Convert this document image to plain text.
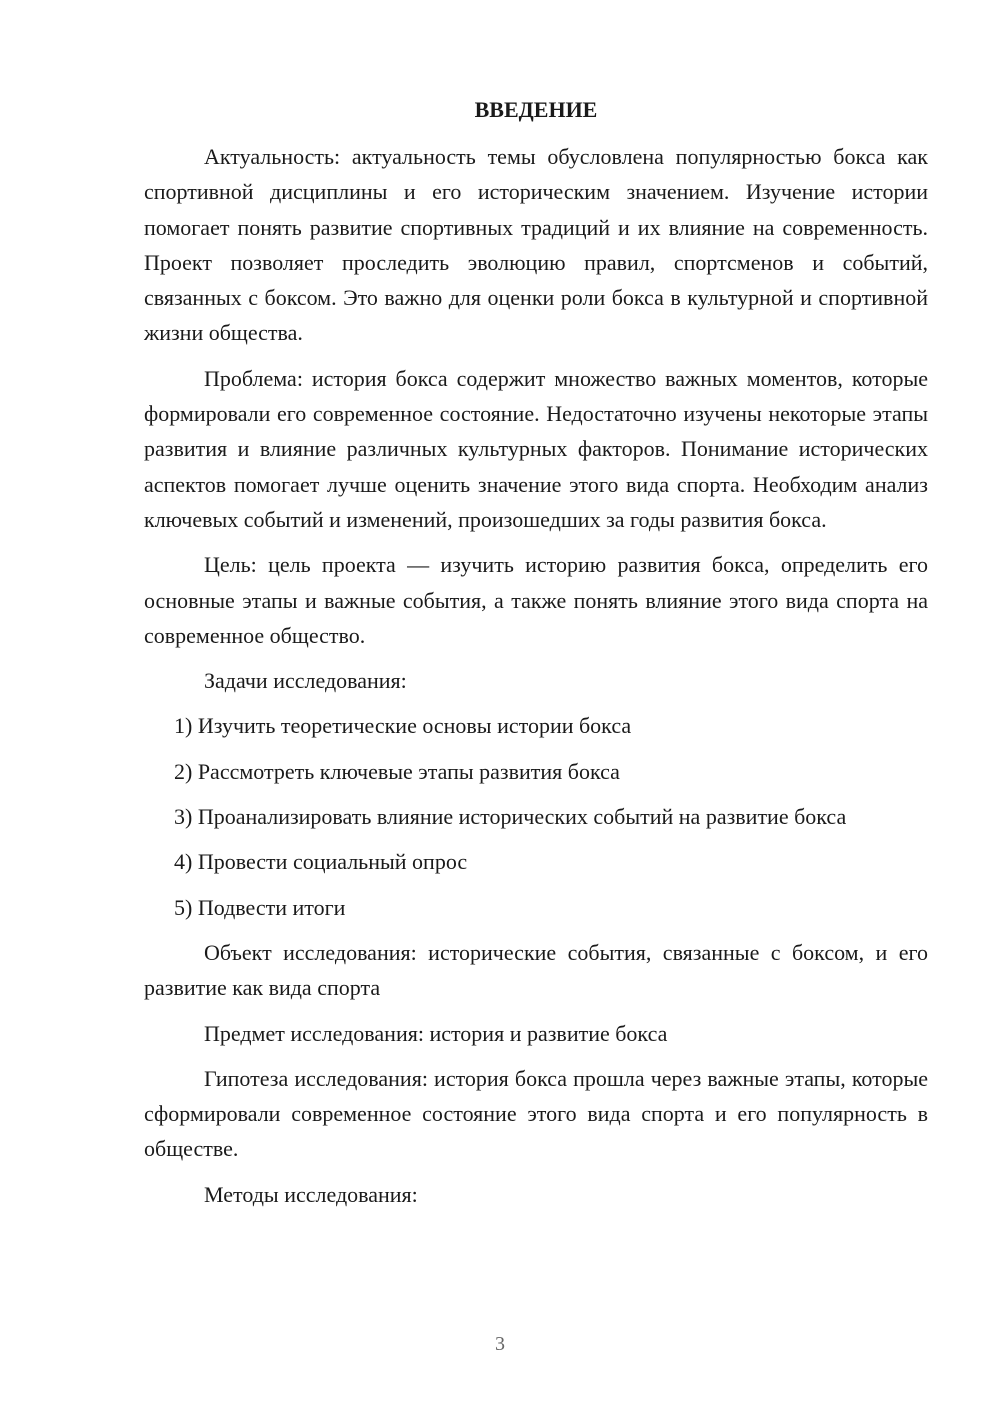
ВВЕДЕНИЕ

Актуальность: актуальность темы обусловлена популярностью бокса как спортивной дисциплины и его историческим значением. Изучение истории помогает понять развитие спортивных традиций и их влияние на современность. Проект позволяет проследить эволюцию правил, спортсменов и событий, связанных с боксом. Это важно для оценки роли бокса в культурной и спортивной жизни общества.

Проблема: история бокса содержит множество важных моментов, которые формировали его современное состояние. Недостаточно изучены некоторые этапы развития и влияние различных культурных факторов. Понимание исторических аспектов помогает лучше оценить значение этого вида спорта. Необходим анализ ключевых событий и изменений, произошедших за годы развития бокса.

Цель: цель проекта — изучить историю развития бокса, определить его основные этапы и важные события, а также понять влияние этого вида спорта на современное общество.

Задачи исследования:

1) Изучить теоретические основы истории бокса

2) Рассмотреть ключевые этапы развития бокса

3) Проанализировать влияние исторических событий на развитие бокса

4) Провести социальный опрос

5) Подвести итоги

Объект исследования: исторические события, связанные с боксом, и его развитие как вида спорта

Предмет исследования: история и развитие бокса

Гипотеза исследования: история бокса прошла через важные этапы, которые сформировали современное состояние этого вида спорта и его популярность в обществе.

Методы исследования:

3
